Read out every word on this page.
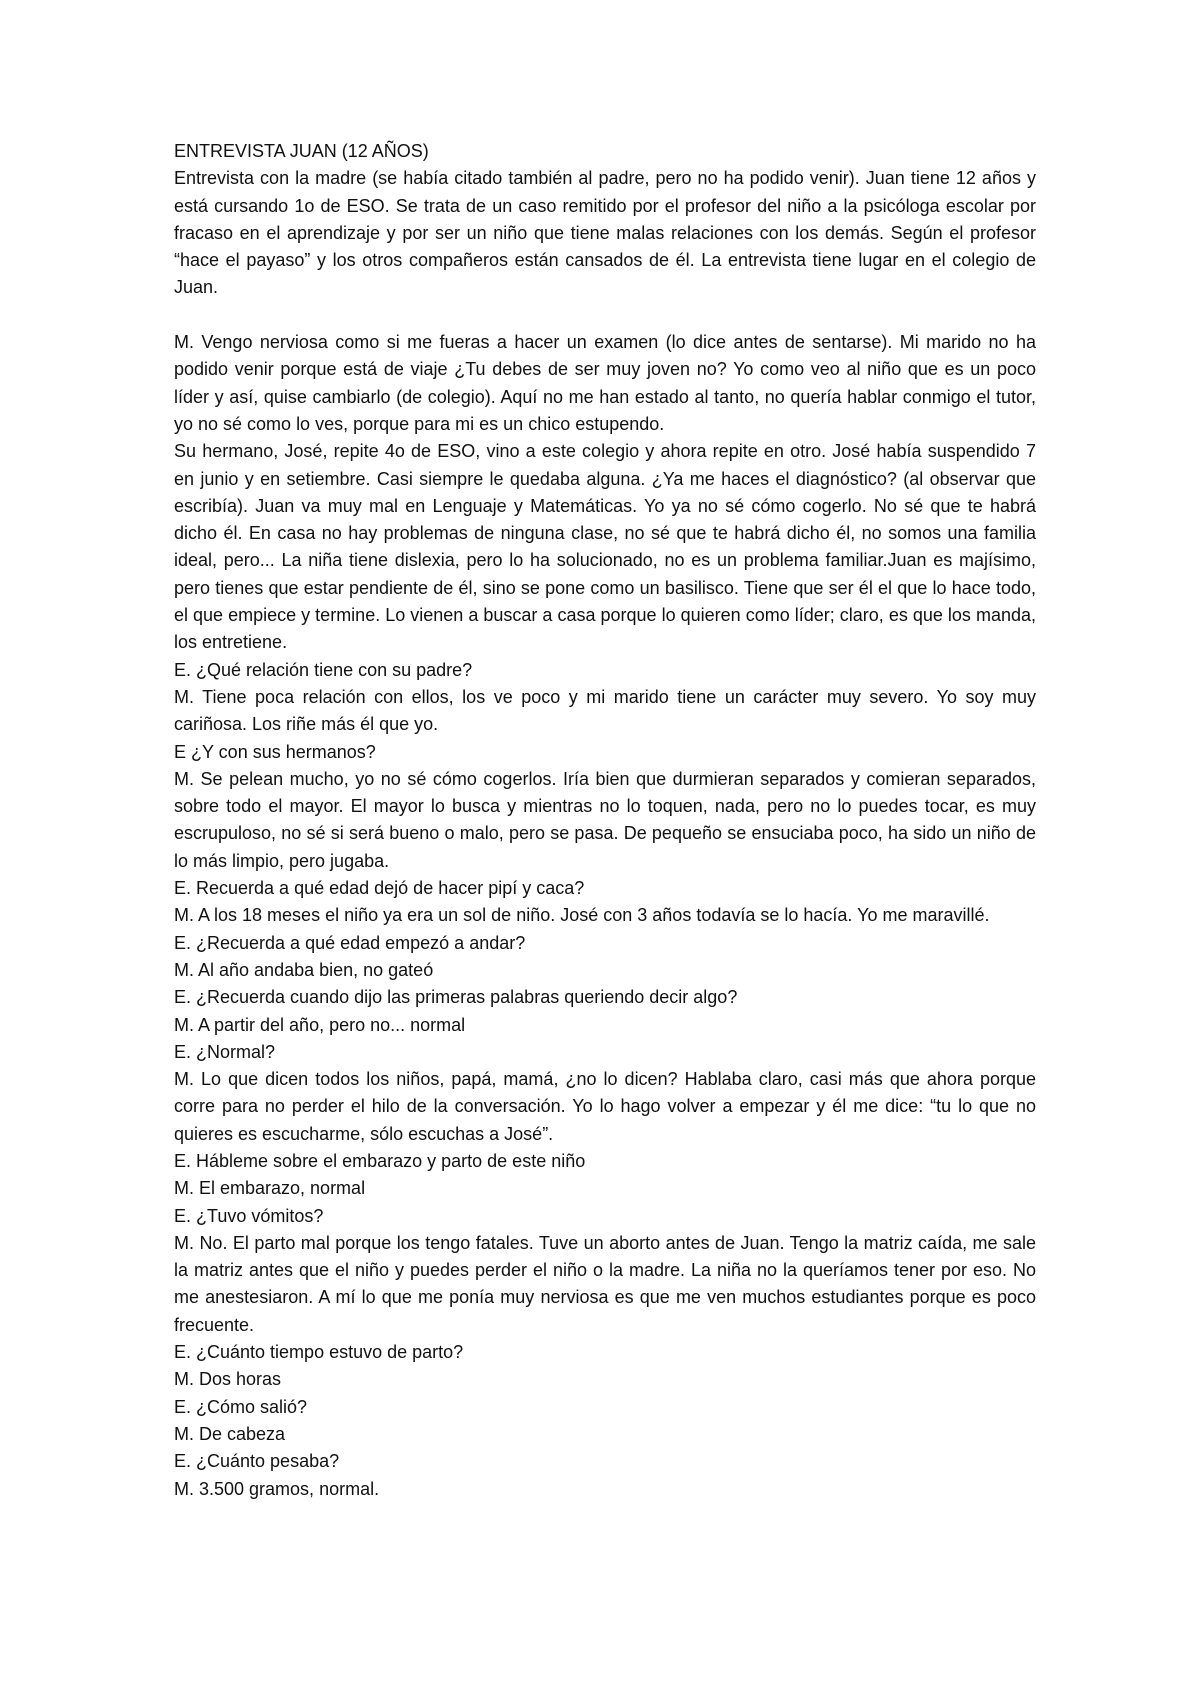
ENTREVISTA JUAN (12 AÑOS)

Entrevista con la madre (se había citado también al padre, pero no ha podido venir). Juan tiene 12 años y está cursando 1o de ESO. Se trata de un caso remitido por el profesor del niño a la psicóloga escolar por fracaso en el aprendizaje y por ser un niño que tiene malas relaciones con los demás. Según el profesor “hace el payaso” y los otros compañeros están cansados de él. La entrevista tiene lugar en el colegio de Juan.

M. Vengo nerviosa como si me fueras a hacer un examen (lo dice antes de sentarse). Mi marido no ha podido venir porque está de viaje ¿Tu debes de ser muy joven no? Yo como veo al niño que es un poco líder y así, quise cambiarlo (de colegio). Aquí no me han estado al tanto, no quería hablar conmigo el tutor, yo no sé como lo ves, porque para mi es un chico estupendo.

Su hermano, José, repite 4o de ESO, vino a este colegio y ahora repite en otro. José había suspendido 7 en junio y en setiembre. Casi siempre le quedaba alguna. ¿Ya me haces el diagnóstico? (al observar que escribía). Juan va muy mal en Lenguaje y Matemáticas. Yo ya no sé cómo cogerlo. No sé que te habrá dicho él. En casa no hay problemas de ninguna clase, no sé que te habrá dicho él, no somos una familia ideal, pero... La niña tiene dislexia, pero lo ha solucionado, no es un problema familiar.Juan es majísimo, pero tienes que estar pendiente de él, sino se pone como un basilisco. Tiene que ser él el que lo hace todo, el que empiece y termine. Lo vienen a buscar a casa porque lo quieren como líder; claro, es que los manda, los entretiene.

E. ¿Qué relación tiene con su padre?

M. Tiene poca relación con ellos, los ve poco y mi marido tiene un carácter muy severo. Yo soy muy cariñosa. Los riñe más él que yo.

E ¿Y con sus hermanos?

M. Se pelean mucho, yo no sé cómo cogerlos. Iría bien que durmieran separados y comieran separados, sobre todo el mayor. El mayor lo busca y mientras no lo toquen, nada, pero no lo puedes tocar, es muy escrupuloso, no sé si será bueno o malo, pero se pasa. De pequeño se ensuciaba poco, ha sido un niño de lo más limpio, pero jugaba.

E. Recuerda a qué edad dejó de hacer pipí y caca?

M. A los 18 meses el niño ya era un sol de niño. José con 3 años todavía se lo hacía. Yo me maravillé.

E. ¿Recuerda a qué edad empezó a andar?

M. Al año andaba bien, no gateó

E. ¿Recuerda cuando dijo las primeras palabras queriendo decir algo?

M. A partir del año, pero no... normal

E. ¿Normal?

M. Lo que dicen todos los niños, papá, mamá, ¿no lo dicen? Hablaba claro, casi más que ahora porque corre para no perder el hilo de la conversación. Yo lo hago volver a empezar y él me dice: “tu lo que no quieres es escucharme, sólo escuchas a José”.

E. Hábleme sobre el embarazo y parto de este niño

M. El embarazo, normal

E. ¿Tuvo vómitos?

M. No. El parto mal porque los tengo fatales. Tuve un aborto antes de Juan. Tengo la matriz caída, me sale la matriz antes que el niño y puedes perder el niño o la madre. La niña no la queríamos tener por eso. No me anestesiaron. A mí lo que me ponía muy nerviosa es que me ven muchos estudiantes porque es poco frecuente.

E. ¿Cuánto tiempo estuvo de parto?

M. Dos horas

E. ¿Cómo salió?

M. De cabeza

E. ¿Cuánto pesaba?

M. 3.500 gramos, normal.
